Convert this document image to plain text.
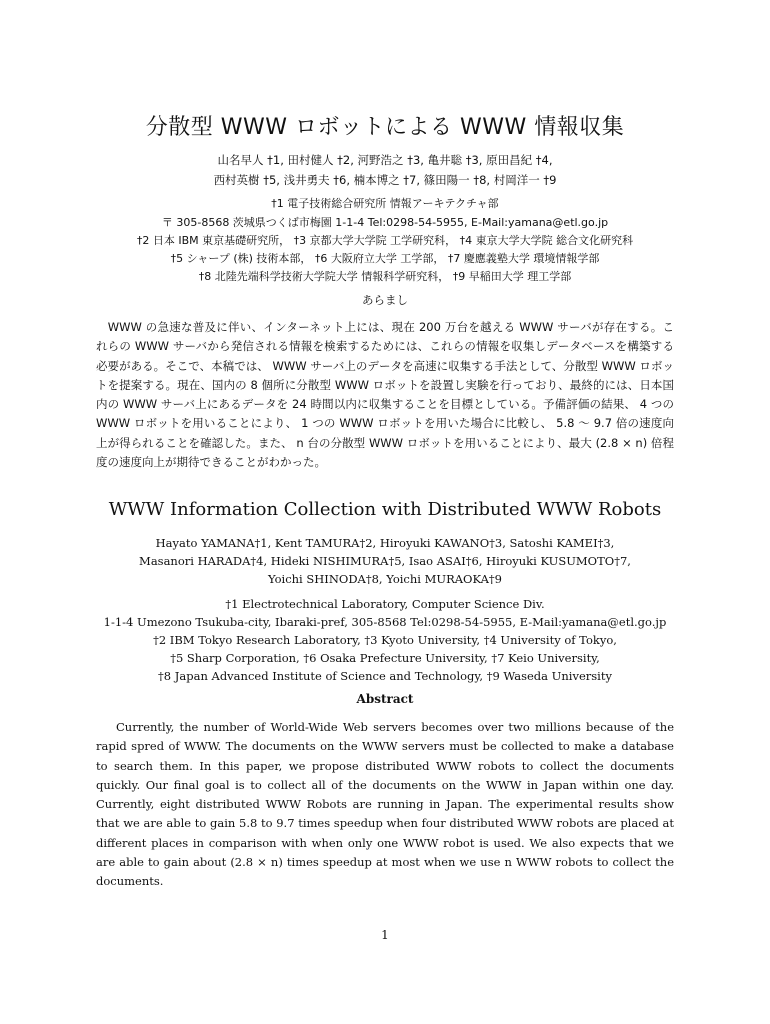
分散型 WWW ロボットによる WWW 情報収集
山名早人 †1, 田村健人 †2, 河野浩之 †3, 亀井聡 †3, 原田昌紀 †4,
西村英樹 †5, 浅井勇夫 †6, 楠本博之 †7, 篠田陽一 †8, 村岡洋一 †9
†1 電子技術総合研究所 情報アーキテクチャ部
〒 305-8568 茨城県つくば市梅園 1-1-4 Tel:0298-54-5955, E-Mail:yamana@etl.go.jp
†2 日本 IBM 東京基礎研究所， †3 京都大学大学院 工学研究科， †4 東京大学大学院 総合文化研究科
†5 シャープ (株) 技術本部， †6 大阪府立大学 工学部， †7 慶應義塾大学 環境情報学部
†8 北陸先端科学技術大学院大学 情報科学研究科， †9 早稲田大学 理工学部
あらまし

　WWW の急速な普及に伴い、インターネット上には、現在 200 万台を越える WWW サーバが存在する。これらの WWW サーバから発信される情報を検索するためには、これらの情報を収集しデータベースを構築する必要がある。そこで、本稿では、 WWW サーバ上のデータを高速に収集する手法として、分散型 WWW ロボットを提案する。現在、国内の 8 個所に分散型 WWW ロボットを設置し実験を行っており、最終的には、日本国内の WWW サーバ上にあるデータを 24 時間以内に収集することを目標としている。予備評価の結果、 4 つの WWW ロボットを用いることにより、 1 つの WWW ロボットを用いた場合に比較し、 5.8 〜 9.7 倍の速度向上が得られることを確認した。また、 n 台の分散型 WWW ロボットを用いることにより、最大 (2.8 × n) 倍程度の速度向上が期待できることがわかった。

WWW Information Collection with Distributed WWW Robots
Hayato YAMANA†1, Kent TAMURA†2, Hiroyuki KAWANO†3, Satoshi KAMEI†3,
Masanori HARADA†4, Hideki NISHIMURA†5, Isao ASAI†6, Hiroyuki KUSUMOTO†7,
Yoichi SHINODA†8, Yoichi MURAOKA†9
†1 Electrotechnical Laboratory, Computer Science Div.
1-1-4 Umezono Tsukuba-city, Ibaraki-pref, 305-8568 Tel:0298-54-5955, E-Mail:yamana@etl.go.jp
†2 IBM Tokyo Research Laboratory, †3 Kyoto University, †4 University of Tokyo,
†5 Sharp Corporation, †6 Osaka Prefecture University, †7 Keio University,
†8 Japan Advanced Institute of Science and Technology, †9 Waseda University
Abstract

Currently, the number of World-Wide Web servers becomes over two millions because of the rapid spred of WWW. The documents on the WWW servers must be collected to make a database to search them. In this paper, we propose distributed WWW robots to collect the documents quickly. Our final goal is to collect all of the documents on the WWW in Japan within one day. Currently, eight distributed WWW Robots are running in Japan. The experimental results show that we are able to gain 5.8 to 9.7 times speedup when four distributed WWW robots are placed at different places in comparison with when only one WWW robot is used. We also expects that we are able to gain about (2.8 × n) times speedup at most when we use n WWW robots to collect the documents.

1
